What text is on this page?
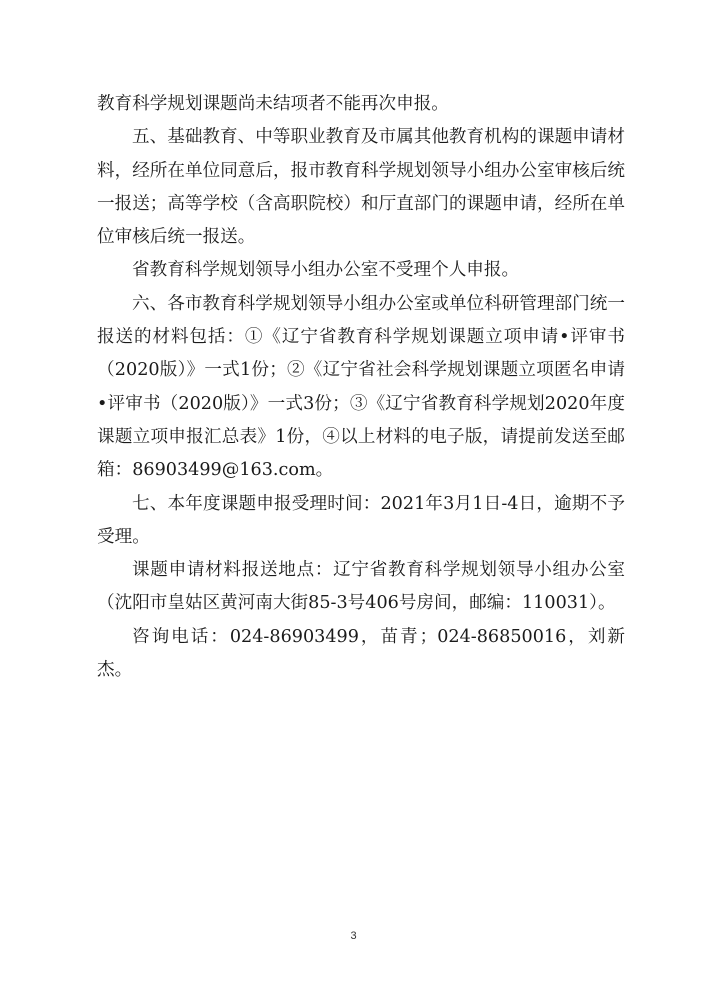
教育科学规划课题尚未结项者不能再次申报。

五、基础教育、中等职业教育及市属其他教育机构的课题申请材料，经所在单位同意后，报市教育科学规划领导小组办公室审核后统一报送；高等学校（含高职院校）和厅直部门的课题申请，经所在单位审核后统一报送。

省教育科学规划领导小组办公室不受理个人申报。

六、各市教育科学规划领导小组办公室或单位科研管理部门统一报送的材料包括：①《辽宁省教育科学规划课题立项申请•评审书（2020版）》一式1份；②《辽宁省社会科学规划课题立项匿名申请•评审书（2020版）》一式3份；③《辽宁省教育科学规划2020年度课题立项申报汇总表》1份，④以上材料的电子版，请提前发送至邮箱：86903499@163.com。

七、本年度课题申报受理时间：2021年3月1日-4日，逾期不予受理。

课题申请材料报送地点：辽宁省教育科学规划领导小组办公室（沈阳市皇姑区黄河南大街85-3号406号房间，邮编：110031）。

咨询电话：024-86903499，苗青；024-86850016，刘新杰。

3
